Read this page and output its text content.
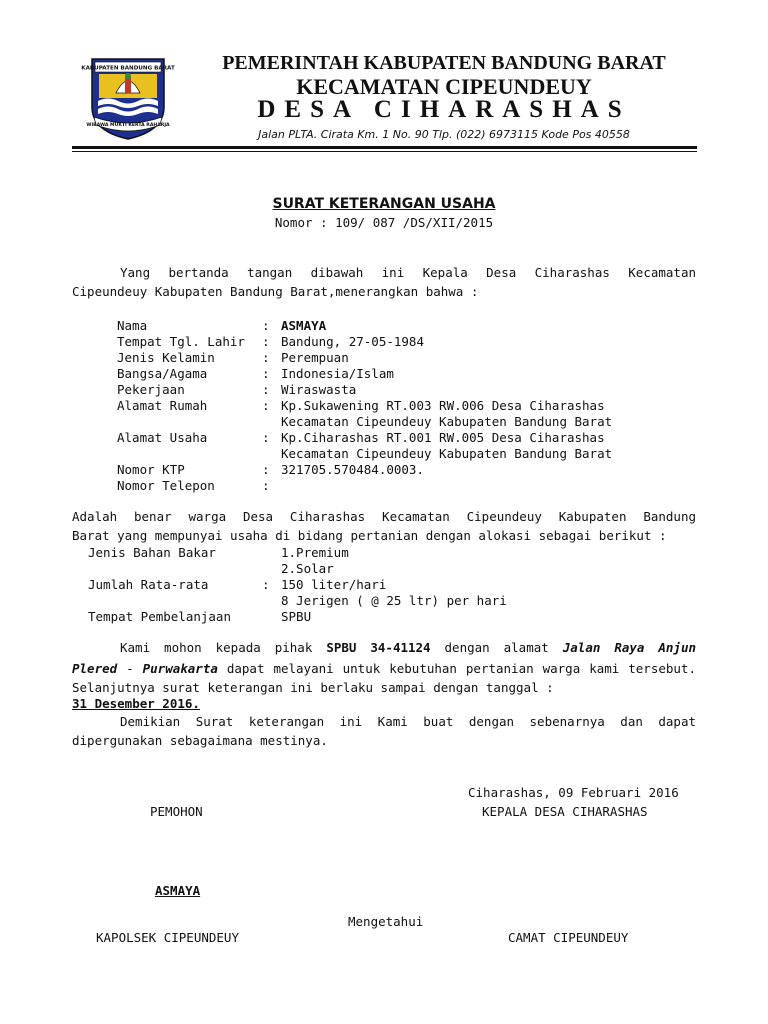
KABUPATEN BANDUNG BARAT
WIBAWA MUKTI KERTA RAHARJA
PEMERINTAH KABUPATEN BANDUNG BARAT
KECAMATAN CIPEUNDEUY
DESA CIHARASHAS
Jalan PLTA. Cirata Km. 1 No. 90 Tlp. (022) 6973115 Kode Pos 40558
SURAT KETERANGAN USAHA
Nomor : 109/ 087 /DS/XII/2015
Yang bertanda tangan dibawah ini Kepala Desa Ciharashas Kecamatan
Cipeundeuy Kabupaten Bandung Barat,menerangkan bahwa :
Nama	: ASMAYA
Tempat Tgl. Lahir : Bandung, 27-05-1984
Jenis Kelamin	: Perempuan
Bangsa/Agama	: Indonesia/Islam
Pekerjaan	: Wiraswasta
Alamat Rumah	: Kp.Sukawening RT.003 RW.006 Desa Ciharashas
Kecamatan Cipeundeuy Kabupaten Bandung Barat
Alamat Usaha	: Kp.Ciharashas RT.001 RW.005 Desa Ciharashas
Kecamatan Cipeundeuy Kabupaten Bandung Barat
Nomor KTP	: 321705.570484.0003.
Nomor Telepon	:
Adalah benar warga Desa Ciharashas Kecamatan Cipeundeuy Kabupaten Bandung
Barat yang mempunyai usaha di bidang pertanian dengan alokasi sebagai berikut :
Jenis Bahan Bakar	1.Premium
2.Solar
Jumlah Rata-rata	: 150 liter/hari
8 Jerigen ( @ 25 ltr) per hari
Tempat Pembelanjaan	SPBU
Kami mohon kepada pihak SPBU 34-41124 dengan alamat Jalan Raya Anjun
Plered - Purwakarta dapat melayani untuk kebutuhan pertanian warga kami tersebut.
Selanjutnya surat keterangan ini berlaku sampai dengan tanggal :
31 Desember 2016.
Demikian Surat keterangan ini Kami buat dengan sebenarnya dan dapat
dipergunakan sebagaimana mestinya.
Ciharashas, 09 Februari 2016
PEMOHON	KEPALA DESA CIHARASHAS
ASMAYA
Mengetahui
KAPOLSEK CIPEUNDEUY	CAMAT CIPEUNDEUY
